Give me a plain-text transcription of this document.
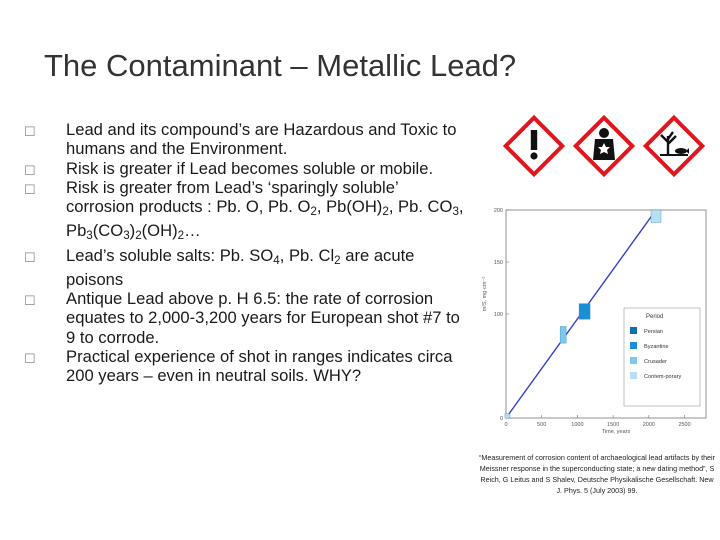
The Contaminant – Metallic Lead?
☐ Lead and its compound’s are Hazardous and Toxic to humans and the Environment.
☐ Risk is greater if Lead becomes soluble or mobile.
☐ Risk is greater from Lead’s ‘sparingly soluble’ corrosion products : Pb. O, Pb. $O_2$, $Pb(OH)_2$, Pb. $CO_3$, $Pb_3(CO_3)_2(OH)_2\dots$
☐ Lead’s soluble salts: Pb. $SO_4$, Pb. $Cl_2$ are acute poisons
☐ Antique Lead above p. H 6.5: the rate of corrosion equates to 2,000-3,200 years for European shot #7 to 9 to corrode.
☐ Practical experience of shot in ranges indicates circa 200 years – even in neutral soils. WHY?
0	500	1000	1500	2000	2500
0
100
150
200
Time, years
m/S, mg·cm⁻²
Period
Persian
Byzantine
Crusader
Contem-porary
“Measurement of corrosion content of archaeological lead artifacts by their Meissner response in the superconducting state; a new dating method”, S Reich, G Leitus and S Shalev, Deutsche Physikalische Gesellschaft. New J. Phys. 5 (July 2003) 99.
